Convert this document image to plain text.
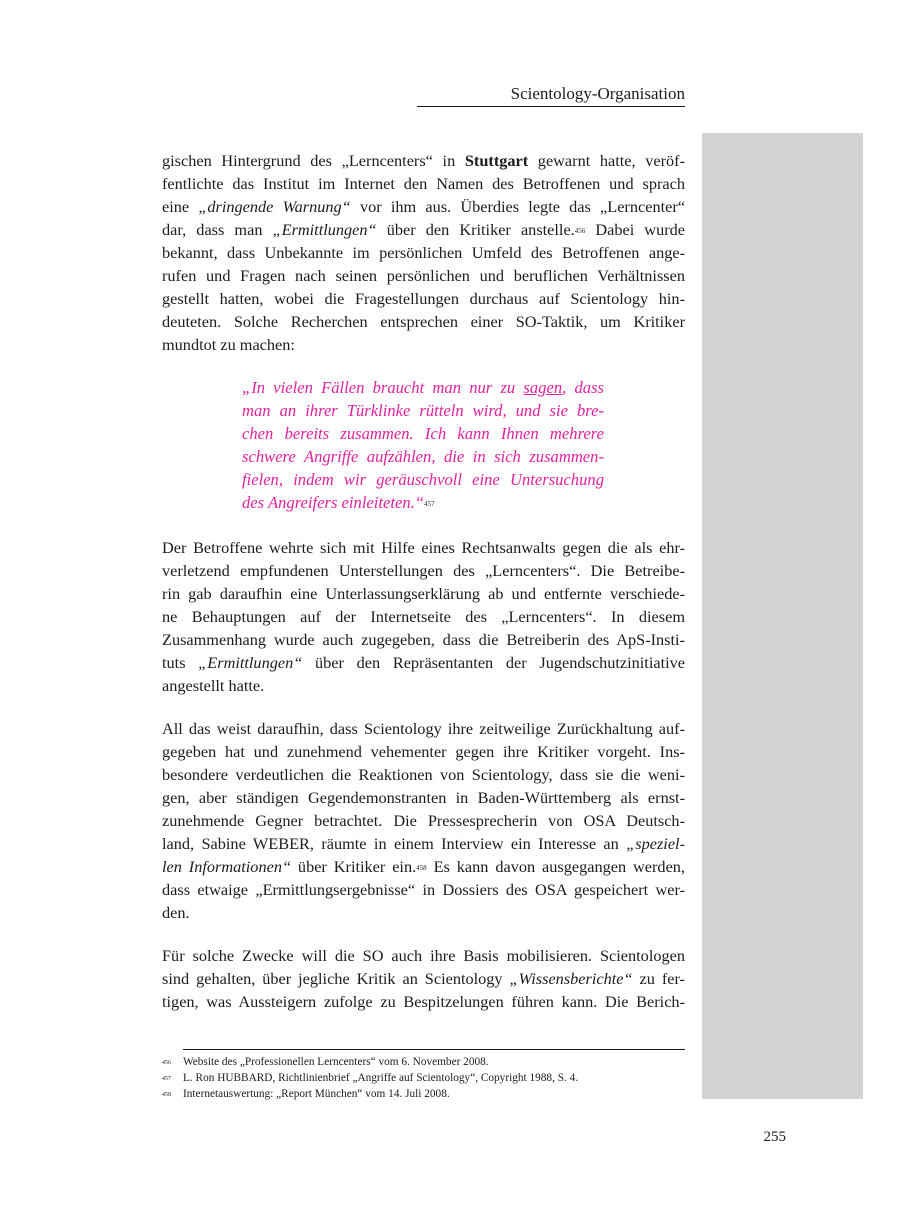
Scientology-Organisation
gischen Hintergrund des „Lerncenters“ in Stuttgart gewarnt hatte, veröf-
fentlichte das Institut im Internet den Namen des Betroffenen und sprach
eine „dringende Warnung“ vor ihm aus. Überdies legte das „Lerncenter“
dar, dass man „Ermittlungen“ über den Kritiker anstelle.$^{456}$ Dabei wurde
bekannt, dass Unbekannte im persönlichen Umfeld des Betroffenen ange-
rufen und Fragen nach seinen persönlichen und beruflichen Verhältnissen
gestellt hatten, wobei die Fragestellungen durchaus auf Scientology hin-
deuteten. Solche Recherchen entsprechen einer SO-Taktik, um Kritiker
mundtot zu machen:
„In vielen Fällen braucht man nur zu sagen, dass
man an ihrer Türklinke rütteln wird, und sie bre-
chen bereits zusammen. Ich kann Ihnen mehrere
schwere Angriffe aufzählen, die in sich zusammen-
fielen, indem wir geräuschvoll eine Untersuchung
des Angreifers einleiteten.“$^{457}$
Der Betroffene wehrte sich mit Hilfe eines Rechtsanwalts gegen die als ehr-
verletzend empfundenen Unterstellungen des „Lerncenters“. Die Betreibe-
rin gab daraufhin eine Unterlassungserklärung ab und entfernte verschiede-
ne Behauptungen auf der Internetseite des „Lerncenters“. In diesem
Zusammenhang wurde auch zugegeben, dass die Betreiberin des ApS-Insti-
tuts „Ermittlungen“ über den Repräsentanten der Jugendschutzinitiative
angestellt hatte.
All das weist daraufhin, dass Scientology ihre zeitweilige Zurückhaltung auf-
gegeben hat und zunehmend vehementer gegen ihre Kritiker vorgeht. Ins-
besondere verdeutlichen die Reaktionen von Scientology, dass sie die weni-
gen, aber ständigen Gegendemonstranten in Baden-Württemberg als ernst-
zunehmende Gegner betrachtet. Die Pressesprecherin von OSA Deutsch-
land, Sabine WEBER, räumte in einem Interview ein Interesse an „speziel-
len Informationen“ über Kritiker ein.$^{458}$ Es kann davon ausgegangen werden,
dass etwaige „Ermittlungsergebnisse“ in Dossiers des OSA gespeichert wer-
den.
Für solche Zwecke will die SO auch ihre Basis mobilisieren. Scientologen
sind gehalten, über jegliche Kritik an Scientology „Wissensberichte“ zu fer-
tigen, was Aussteigern zufolge zu Bespitzelungen führen kann. Die Berich-
456 Website des „Professionellen Lerncenters“ vom 6. November 2008.
457 L. Ron HUBBARD, Richtlinienbrief „Angriffe auf Scientology“, Copyright 1988, S. 4.
458 Internetauswertung: „Report München“ vom 14. Juli 2008.
255
